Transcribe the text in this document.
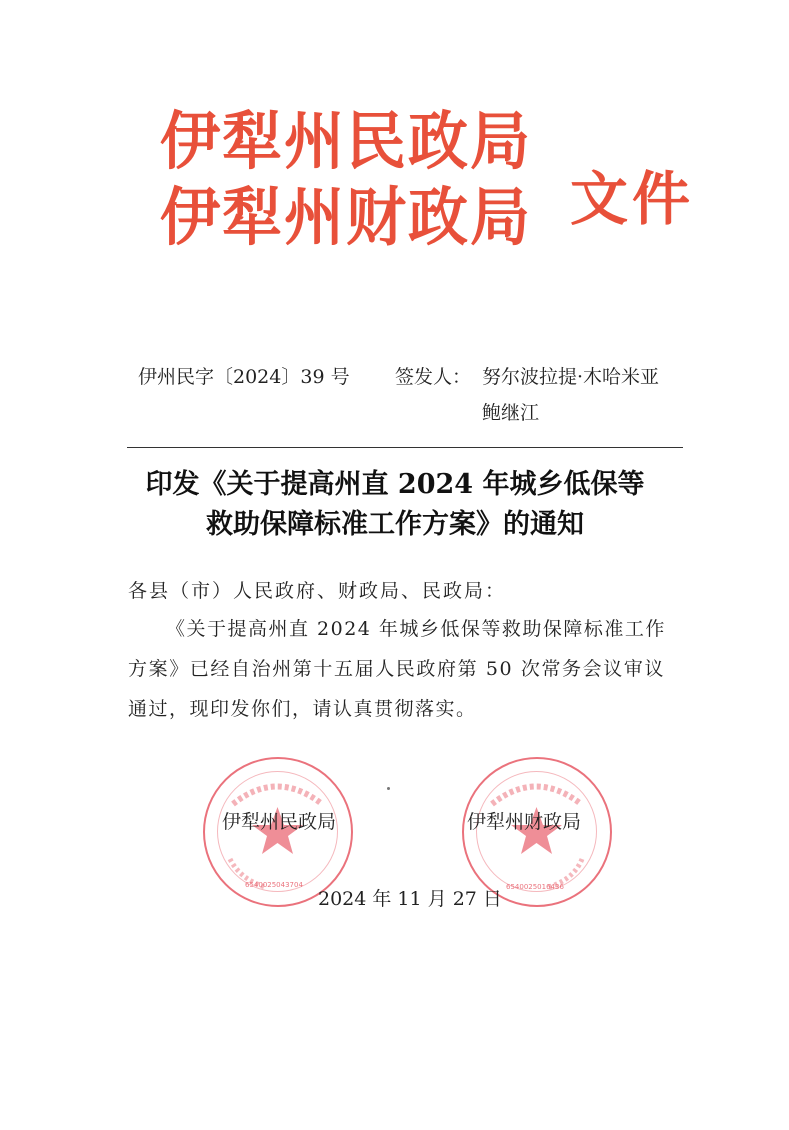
伊犁州民政局
伊犁州财政局 文件
伊州民字〔2024〕39 号 签发人： 努尔波拉提·木哈米亚
鲍继江
印发《关于提高州直 2024 年城乡低保等
救助保障标准工作方案》的通知
各县（市）人民政府、财政局、民政局：
《关于提高州直 2024 年城乡低保等救助保障标准工作
方案》已经自治州第十五届人民政府第 50 次常务会议审议
通过，现印发你们，请认真贯彻落实。
6540025043704	6540025016436
伊犁州民政局	伊犁州财政局
2024 年 11 月 27 日
